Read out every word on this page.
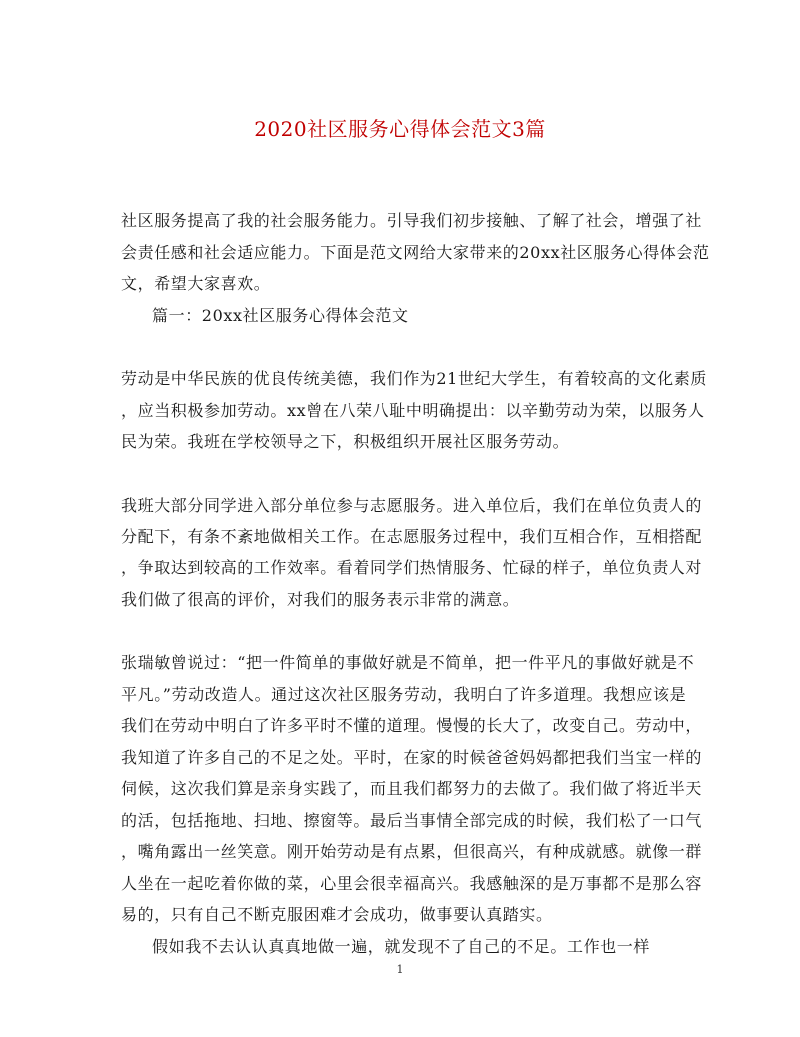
2020社区服务心得体会范文3篇
社区服务提高了我的社会服务能力。引导我们初步接触、了解了社会，增强了社
会责任感和社会适应能力。下面是范文网给大家带来的20xx社区服务心得体会范
文，希望大家喜欢。
篇一：20xx社区服务心得体会范文
劳动是中华民族的优良传统美德，我们作为21世纪大学生，有着较高的文化素质
，应当积极参加劳动。xx曾在八荣八耻中明确提出：以辛勤劳动为荣，以服务人
民为荣。我班在学校领导之下，积极组织开展社区服务劳动。
我班大部分同学进入部分单位参与志愿服务。进入单位后，我们在单位负责人的
分配下，有条不紊地做相关工作。在志愿服务过程中，我们互相合作，互相搭配
，争取达到较高的工作效率。看着同学们热情服务、忙碌的样子，单位负责人对
我们做了很高的评价，对我们的服务表示非常的满意。
张瑞敏曾说过：“把一件简单的事做好就是不简单，把一件平凡的事做好就是不
平凡。”劳动改造人。通过这次社区服务劳动，我明白了许多道理。我想应该是
我们在劳动中明白了许多平时不懂的道理。慢慢的长大了，改变自己。劳动中，
我知道了许多自己的不足之处。平时，在家的时候爸爸妈妈都把我们当宝一样的
伺候，这次我们算是亲身实践了，而且我们都努力的去做了。我们做了将近半天
的活，包括拖地、扫地、擦窗等。最后当事情全部完成的时候，我们松了一口气
，嘴角露出一丝笑意。刚开始劳动是有点累，但很高兴，有种成就感。就像一群
人坐在一起吃着你做的菜，心里会很幸福高兴。我感触深的是万事都不是那么容
易的，只有自己不断克服困难才会成功，做事要认真踏实。
假如我不去认认真真地做一遍，就发现不了自己的不足。工作也一样
1
